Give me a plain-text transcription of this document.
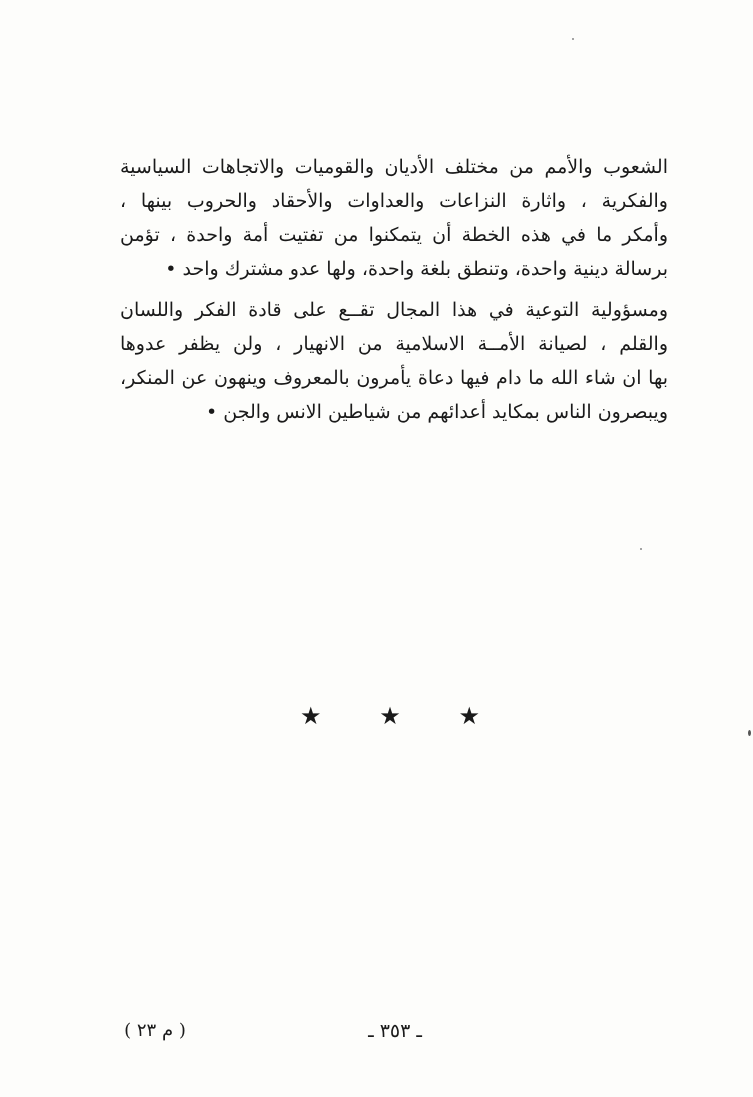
الشعوب والأمم من مختلف الأديان والقوميات والاتجاهات السياسية
والفكرية ، واثارة النزاعات والعداوات والأحقاد والحروب بينها ،
وأمكر ما في هذه الخطة أن يتمكنوا من تفتيت أمة واحدة ، تؤمن
برسالة دينية واحدة، وتنطق بلغة واحدة، ولها عدو مشترك واحد •
ومسؤولية التوعية في هذا المجال تقــع على قادة الفكر واللسان
والقلم ، لصيانة الأمــة الاسلامية من الانهيار ، ولن يظفر عدوها
بها ان شاء الله ما دام فيها دعاة يأمرون بالمعروف وينهون عن المنكر،
ويبصرون الناس بمكايد أعدائهم من شياطين الانس والجن •
★ ★ ★
ـ ٣٥٣ ـ
( م ٢٣ )
